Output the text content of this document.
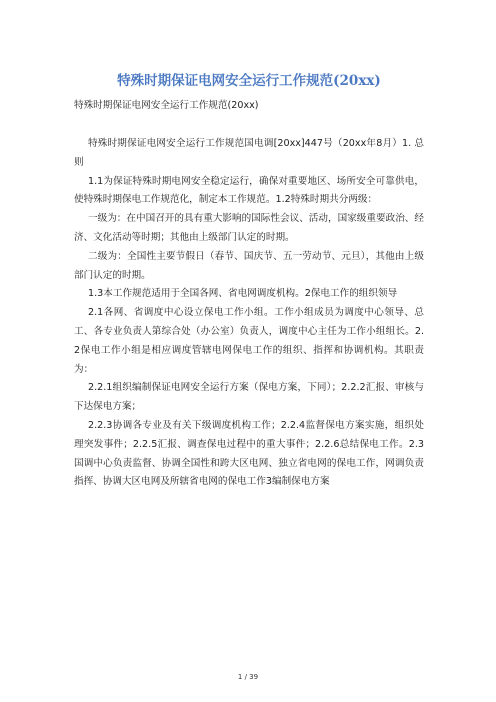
特殊时期保证电网安全运行工作规范(20xx)
特殊时期保证电网安全运行工作规范(20xx)

特殊时期保证电网安全运行工作规范国电调[20xx]447号（20xx年8月）1. 总则

1.1为保证特殊时期电网安全稳定运行，确保对重要地区、场所安全可靠供电，使特殊时期保电工作规范化，制定本工作规范。1.2特殊时期共分两级：

一级为：在中国召开的具有重大影响的国际性会议、活动，国家级重要政治、经济、文化活动等时期；其他由上级部门认定的时期。

二级为：全国性主要节假日（春节、国庆节、五一劳动节、元旦），其他由上级部门认定的时期。

1.3本工作规范适用于全国各网、省电网调度机构。2保电工作的组织领导

2.1各网、省调度中心设立保电工作小组。工作小组成员为调度中心领导、总工、各专业负责人第综合处（办公室）负责人，调度中心主任为工作小组组长。2.2保电工作小组是相应调度管辖电网保电工作的组织、指挥和协调机构。其职责为：

2.2.1组织编制保证电网安全运行方案（保电方案，下同）；2.2.2汇报、审核与下达保电方案；

2.2.3协调各专业及有关下级调度机构工作；2.2.4监督保电方案实施，组织处理突发事件；2.2.5汇报、调查保电过程中的重大事件；2.2.6总结保电工作。2.3国调中心负责监督、协调全国性和跨大区电网、独立省电网的保电工作，网调负责指挥、协调大区电网及所辖省电网的保电工作3编制保电方案

1 / 39
